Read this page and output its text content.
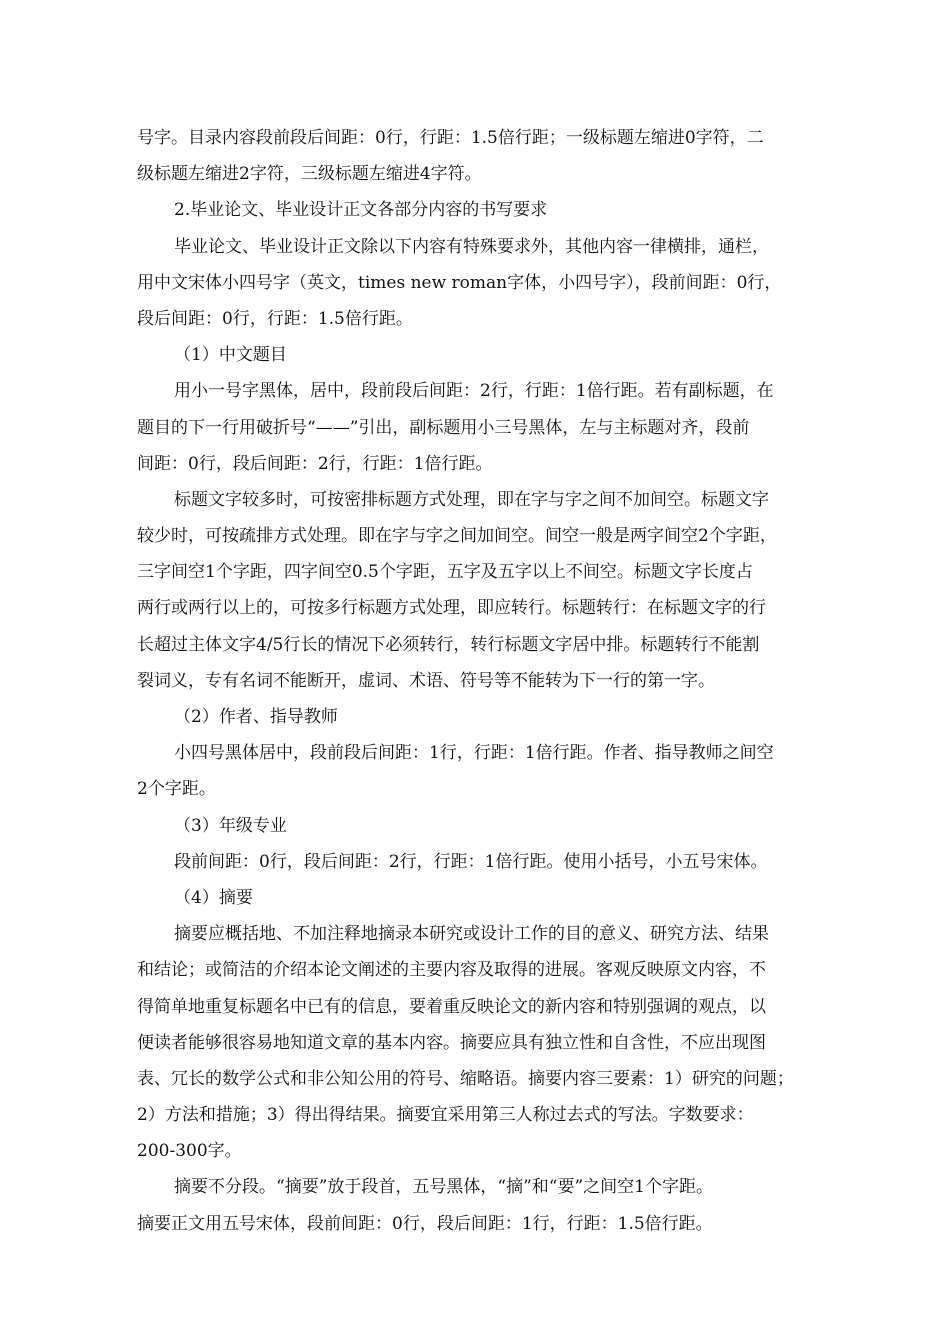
号字。目录内容段前段后间距：0行，行距：1.5倍行距；一级标题左缩进0字符，二
级标题左缩进2字符，三级标题左缩进4字符。
2.毕业论文、毕业设计正文各部分内容的书写要求
毕业论文、毕业设计正文除以下内容有特殊要求外，其他内容一律横排，通栏，
用中文宋体小四号字（英文，times new roman字体，小四号字），段前间距：0行，
段后间距：0行，行距：1.5倍行距。
（1）中文题目
用小一号字黑体，居中，段前段后间距：2行，行距：1倍行距。若有副标题，在
题目的下一行用破折号“——”引出，副标题用小三号黑体，左与主标题对齐，段前
间距：0行，段后间距：2行，行距：1倍行距。
标题文字较多时，可按密排标题方式处理，即在字与字之间不加间空。标题文字
较少时，可按疏排方式处理。即在字与字之间加间空。间空一般是两字间空2个字距，
三字间空1个字距，四字间空0.5个字距，五字及五字以上不间空。标题文字长度占
两行或两行以上的，可按多行标题方式处理，即应转行。标题转行：在标题文字的行
长超过主体文字4/5行长的情况下必须转行，转行标题文字居中排。标题转行不能割
裂词义，专有名词不能断开，虚词、术语、符号等不能转为下一行的第一字。
（2）作者、指导教师
小四号黑体居中，段前段后间距：1行，行距：1倍行距。作者、指导教师之间空
2个字距。
（3）年级专业
段前间距：0行，段后间距：2行，行距：1倍行距。使用小括号，小五号宋体。
（4）摘要
摘要应概括地、不加注释地摘录本研究或设计工作的目的意义、研究方法、结果
和结论；或简洁的介绍本论文阐述的主要内容及取得的进展。客观反映原文内容，不
得简单地重复标题名中已有的信息，要着重反映论文的新内容和特别强调的观点，以
便读者能够很容易地知道文章的基本内容。摘要应具有独立性和自含性，不应出现图
表、冗长的数学公式和非公知公用的符号、缩略语。摘要内容三要素：1）研究的问题；
2）方法和措施；3）得出得结果。摘要宜采用第三人称过去式的写法。字数要求：
200-300字。
摘要不分段。“摘要”放于段首，五号黑体，“摘”和“要”之间空1个字距。
摘要正文用五号宋体，段前间距：0行，段后间距：1行，行距：1.5倍行距。
